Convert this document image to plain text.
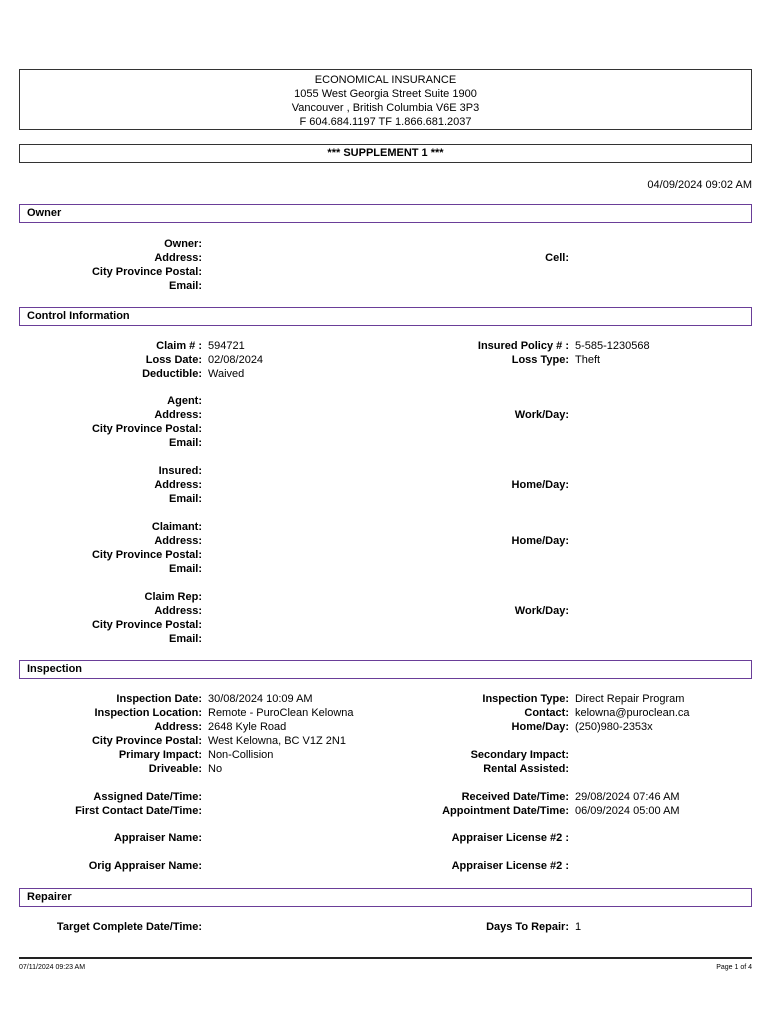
ECONOMICAL INSURANCE
1055 West Georgia Street Suite 1900
Vancouver , British Columbia V6E 3P3
F 604.684.1197 TF 1.866.681.2037
*** SUPPLEMENT 1 ***
04/09/2024 09:02 AM
Owner
Control Information
Inspection
Repairer
Owner:
Address:	Cell:
City Province Postal:
Email:
Claim # : 594721	Insured Policy # : 5-585-1230568
Loss Date: 02/08/2024	Loss Type: Theft
Deductible: Waived
Agent:
Address:	Work/Day:
City Province Postal:
Email:
Insured:
Address:	Home/Day:
Email:
Claimant:
Address:	Home/Day:
City Province Postal:
Email:
Claim Rep:
Address:	Work/Day:
City Province Postal:
Email:
Inspection Date: 30/08/2024 10:09 AM	Inspection Type: Direct Repair Program
Inspection Location: Remote - PuroClean Kelowna	Contact: kelowna@puroclean.ca
Address: 2648 Kyle Road	Home/Day: (250)980-2353x
City Province Postal: West Kelowna, BC V1Z 2N1
Primary Impact: Non-Collision	Secondary Impact:
Driveable: No	Rental Assisted:
Assigned Date/Time:	Received Date/Time: 29/08/2024 07:46 AM
First Contact Date/Time:	Appointment Date/Time: 06/09/2024 05:00 AM
Appraiser Name:	Appraiser License #2 :
Orig Appraiser Name:	Appraiser License #2 :
Target Complete Date/Time:	Days To Repair: 1
07/11/2024 09:23 AM	Page 1 of 4
